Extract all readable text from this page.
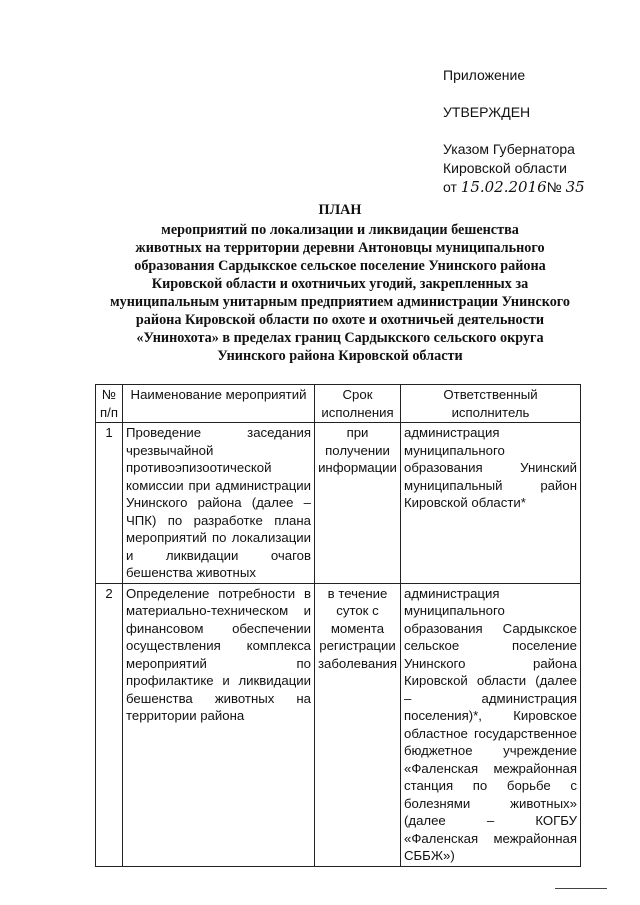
Приложение
УТВЕРЖДЕН
Указом Губернатора
Кировской области
от 15.02.2016№ 35
ПЛАН
мероприятий по локализации и ликвидации бешенства
животных на территории деревни Антоновцы муниципального
образования Сардыкское сельское поселение Унинского района
Кировской области и охотничьих угодий, закрепленных за
муниципальным унитарным предприятием администрации Унинского
района Кировской области по охоте и охотничьей деятельности
«Унинохота» в пределах границ Сардыкского сельского округа
Унинского района Кировской области
№ п/п	Наименование мероприятий	Срок исполнения	Ответственный исполнитель
1	Проведение заседания чрезвычайной противоэпизоотической комиссии при администрации Унинского района (далее – ЧПК) по разработке плана мероприятий по локализации и ликвидации очагов бешенства животных	при получении информации	администрация муниципального образования Унинский муниципальный район Кировской области*
2	Определение потребности в материально-техническом и финансовом обеспечении осуществления комплекса мероприятий по профилактике и ликвидации бешенства животных на территории района	в течение суток с момента регистрации заболевания	администрация муниципального образования Сардыкское сельское поселение Унинского района Кировской области (далее – администрация поселения)*, Кировское областное государственное бюджетное учреждение «Фаленская межрайонная станция по борьбе с болезнями животных» (далее – КОГБУ «Фаленская межрайонная СББЖ»)
